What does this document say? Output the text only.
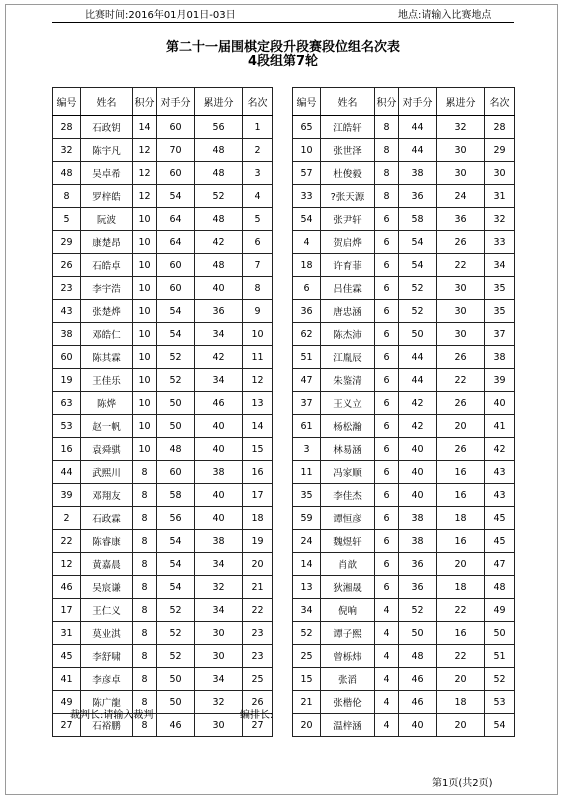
比赛时间:2016年01月01日-03日	地点:请输入比赛地点
第二十一届围棋定段升段赛段位组名次表
4段组第7轮
编号	姓名	积分	对手分	累进分	名次
28	石政钥	14	60	56	1
32	陈宇凡	12	70	48	2
48	吴卓希	12	60	48	3
8	罗梓皓	12	54	52	4
5	阮波	10	64	48	5
29	康楚昂	10	64	42	6
26	石皓卓	10	60	48	7
23	李宇浩	10	60	40	8
43	张楚烨	10	54	36	9
38	邓皓仁	10	54	34	10
60	陈其霖	10	52	42	11
19	王佳乐	10	52	34	12
63	陈烨	10	50	46	13
53	赵一帆	10	50	40	14
16	袁舜骐	10	48	40	15
44	武熙川	8	60	38	16
39	邓翔友	8	58	40	17
2	石政霖	8	56	40	18
22	陈睿康	8	54	38	19
12	黄嘉晨	8	54	34	20
46	吴宸谦	8	54	32	21
17	王仁义	8	52	34	22
31	莫业淇	8	52	30	23
45	李舒啸	8	52	30	23
41	李彦卓	8	50	34	25
49	陈广龍	8	50	32	26
27	石裕鹏	8	46	30	27
编号	姓名	积分	对手分	累进分	名次
65	江皓轩	8	44	32	28
10	张世泽	8	44	30	29
57	杜俊毅	8	38	30	30
33	?张天源	8	36	24	31
54	张尹轩	6	58	36	32
4	贺启烨	6	54	26	33
18	许育菲	6	54	22	34
6	吕佳霖	6	52	30	35
36	唐忠涵	6	52	30	35
62	陈杰沛	6	50	30	37
51	江胤辰	6	44	26	38
47	朱鉴清	6	44	22	39
37	王义立	6	42	26	40
61	杨松瀚	6	42	20	41
3	林易涵	6	40	26	42
11	冯家顺	6	40	16	43
35	李佳杰	6	40	16	43
59	谭恒彦	6	38	18	45
24	魏煜轩	6	38	16	45
14	肖歆	6	36	20	47
13	狄湘晟	6	36	18	48
34	倪响	4	52	22	49
52	谭子熙	4	50	16	50
25	曾栎炜	4	48	22	51
15	张滔	4	46	20	52
21	张楷伦	4	46	18	53
20	温梓涵	4	40	20	54
裁判长:请输入裁判	编排长:
第1页(共2页)
